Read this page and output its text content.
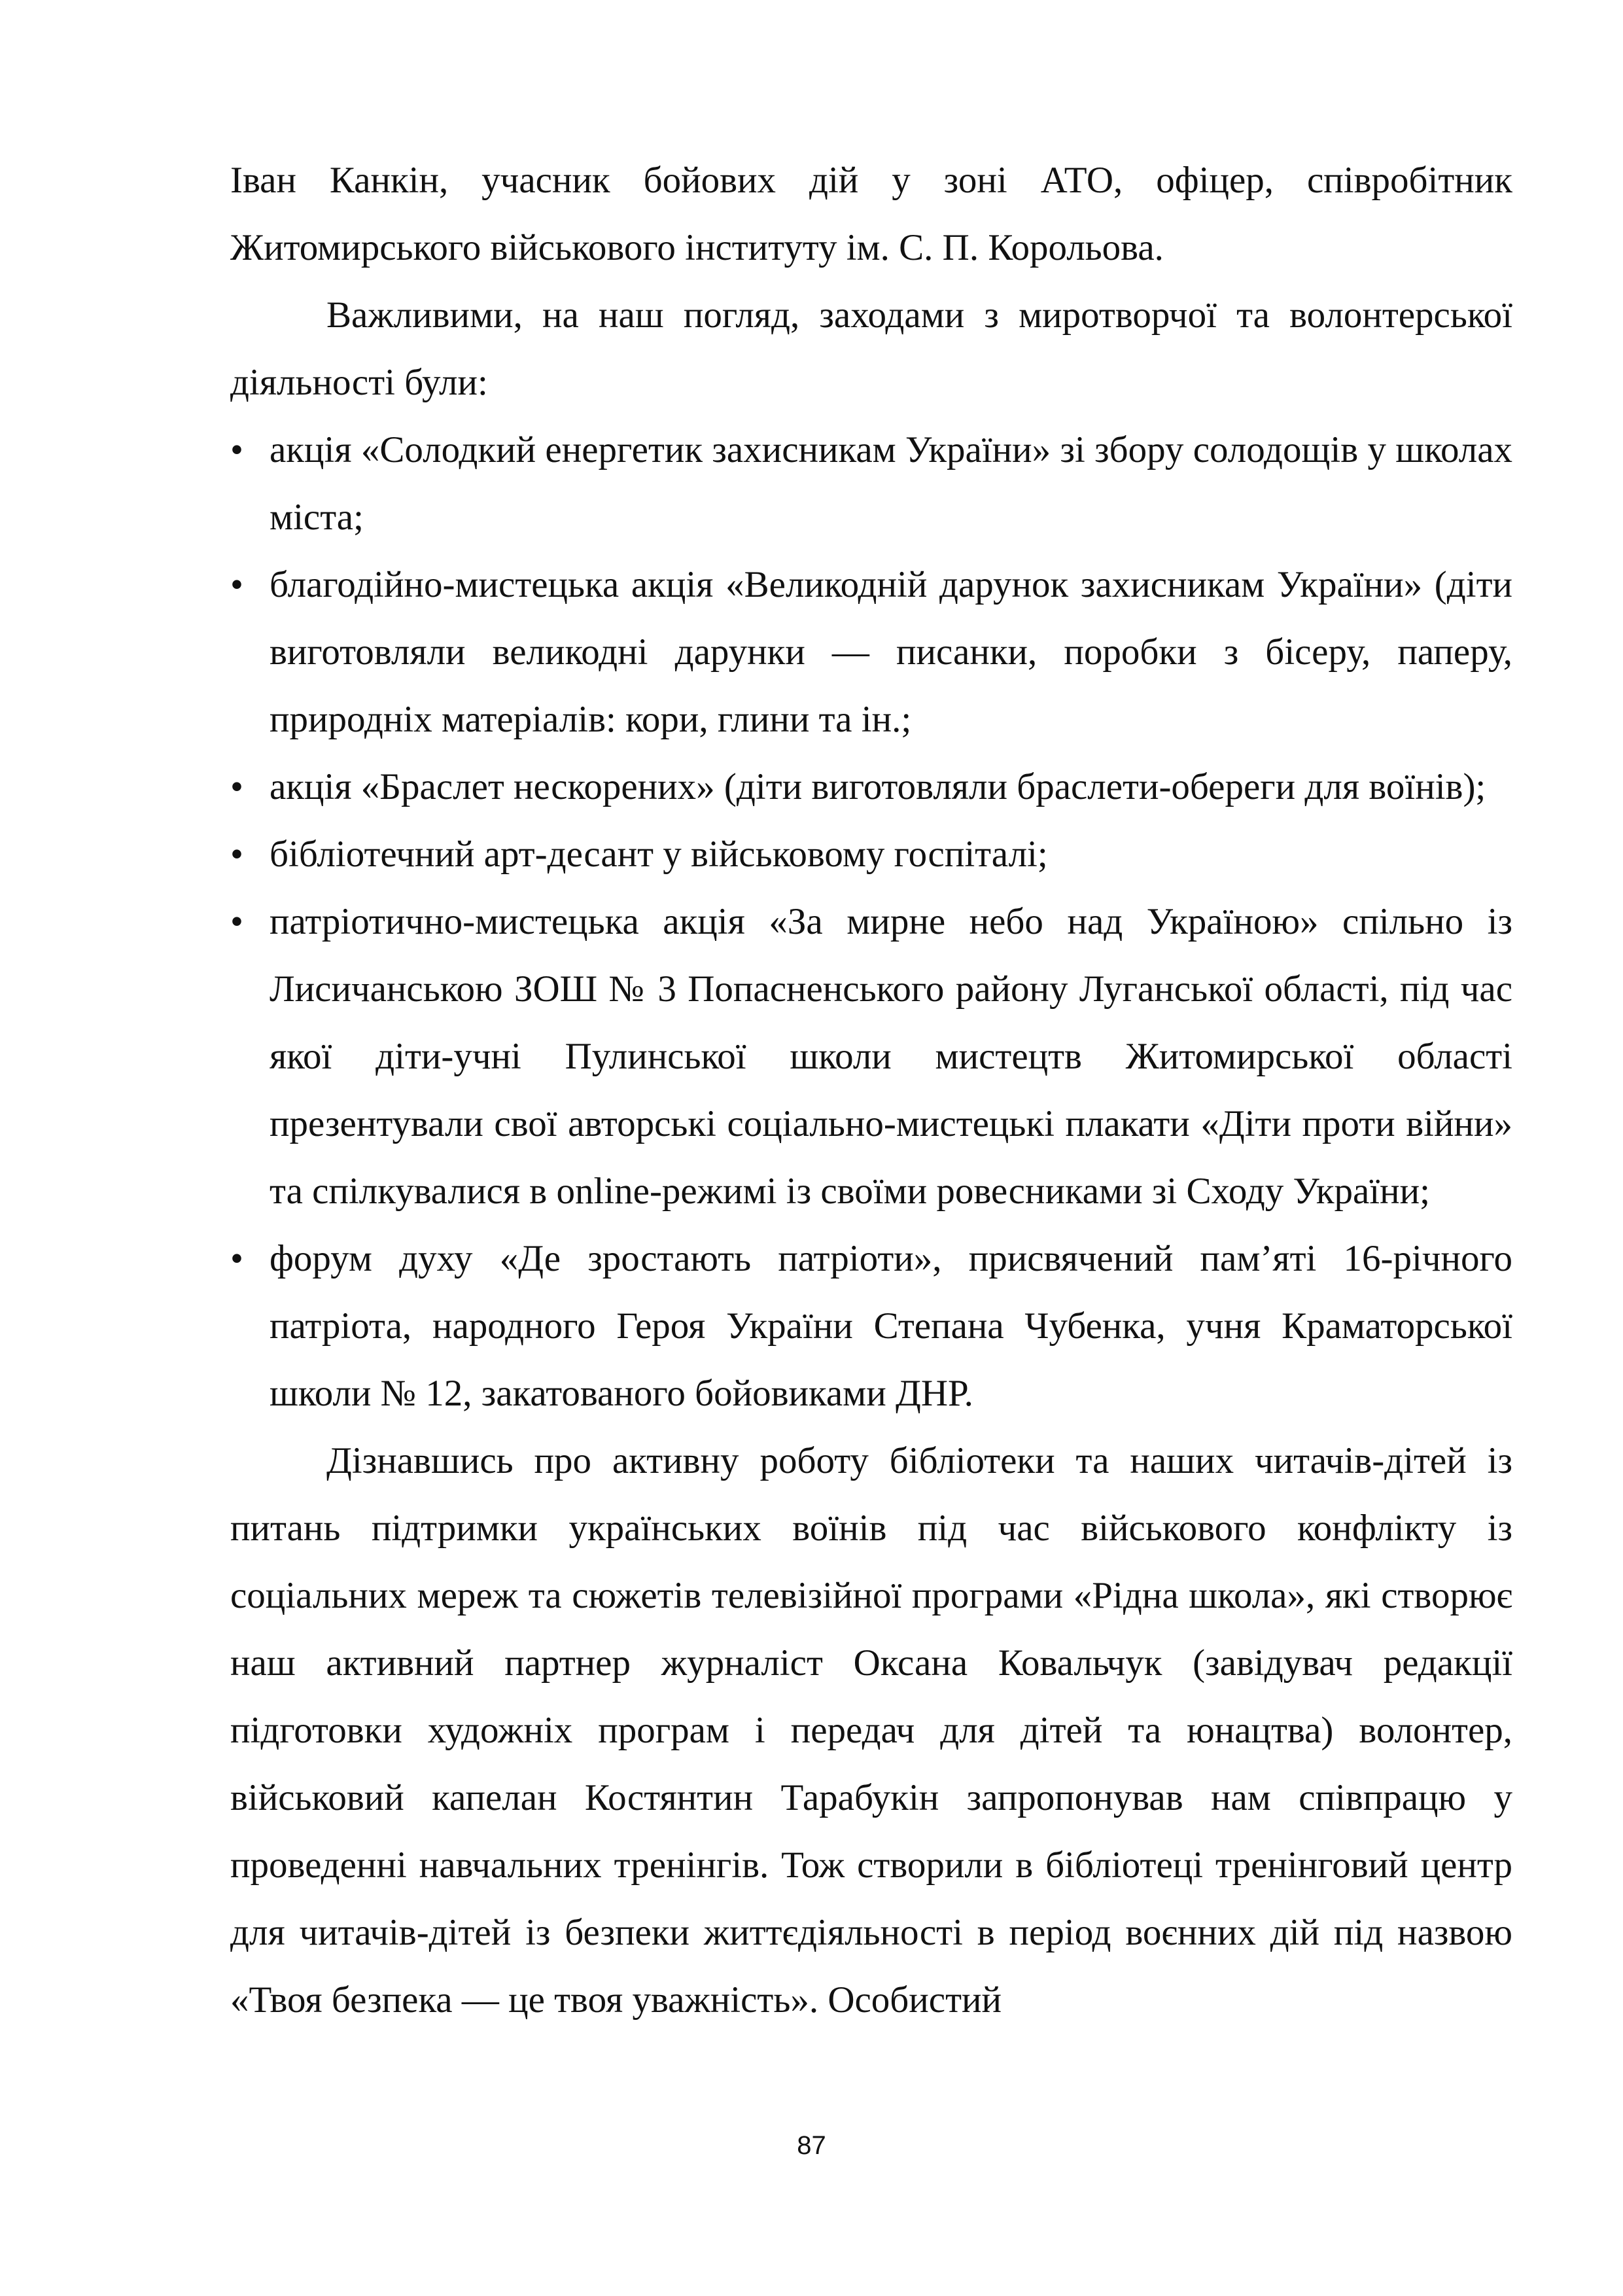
Іван Канкін, учасник бойових дій у зоні АТО, офіцер, співробітник Житомирського військового інституту ім. С. П. Корольова.

Важливими, на наш погляд, заходами з миротворчої та волонтерської діяльності були:

• акція «Солодкий енергетик захисникам України» зі збору солодощів у школах міста;
• благодійно-мистецька акція «Великодній дарунок захисникам України» (діти виготовляли великодні дарунки — писанки, поробки з бісеру, паперу, природніх матеріалів: кори, глини та ін.;
• акція «Браслет нескорених» (діти виготовляли браслети-обереги для воїнів);
• бібліотечний арт-десант у військовому госпіталі;
• патріотично-мистецька акція «За мирне небо над Україною» спільно із Лисичанською ЗОШ № 3 Попасненського району Луганської області, під час якої діти-учні Пулинської школи мистецтв Житомирської області презентували свої авторські соціально-мистецькі плакати «Діти проти війни» та спілкувалися в online-режимі із своїми ровесниками зі Сходу України;
• форум духу «Де зростають патріоти», присвячений пам’яті 16-річного патріота, народного Героя України Степана Чубенка, учня Краматорської школи № 12, закатованого бойовиками ДНР.

Дізнавшись про активну роботу бібліотеки та наших читачів-дітей із питань підтримки українських воїнів під час військового конфлікту із соціальних мереж та сюжетів телевізійної програми «Рідна школа», які створює наш активний партнер журналіст Оксана Ковальчук (завідувач редакції підготовки художніх програм і передач для дітей та юнацтва) волонтер, військовий капелан Костянтин Тарабукін запропонував нам співпрацю у проведенні навчальних тренінгів. Тож створили в бібліотеці тренінговий центр для читачів-дітей із безпеки життєдіяльності в період воєнних дій під назвою «Твоя безпека — це твоя уважність». Особистий

87
